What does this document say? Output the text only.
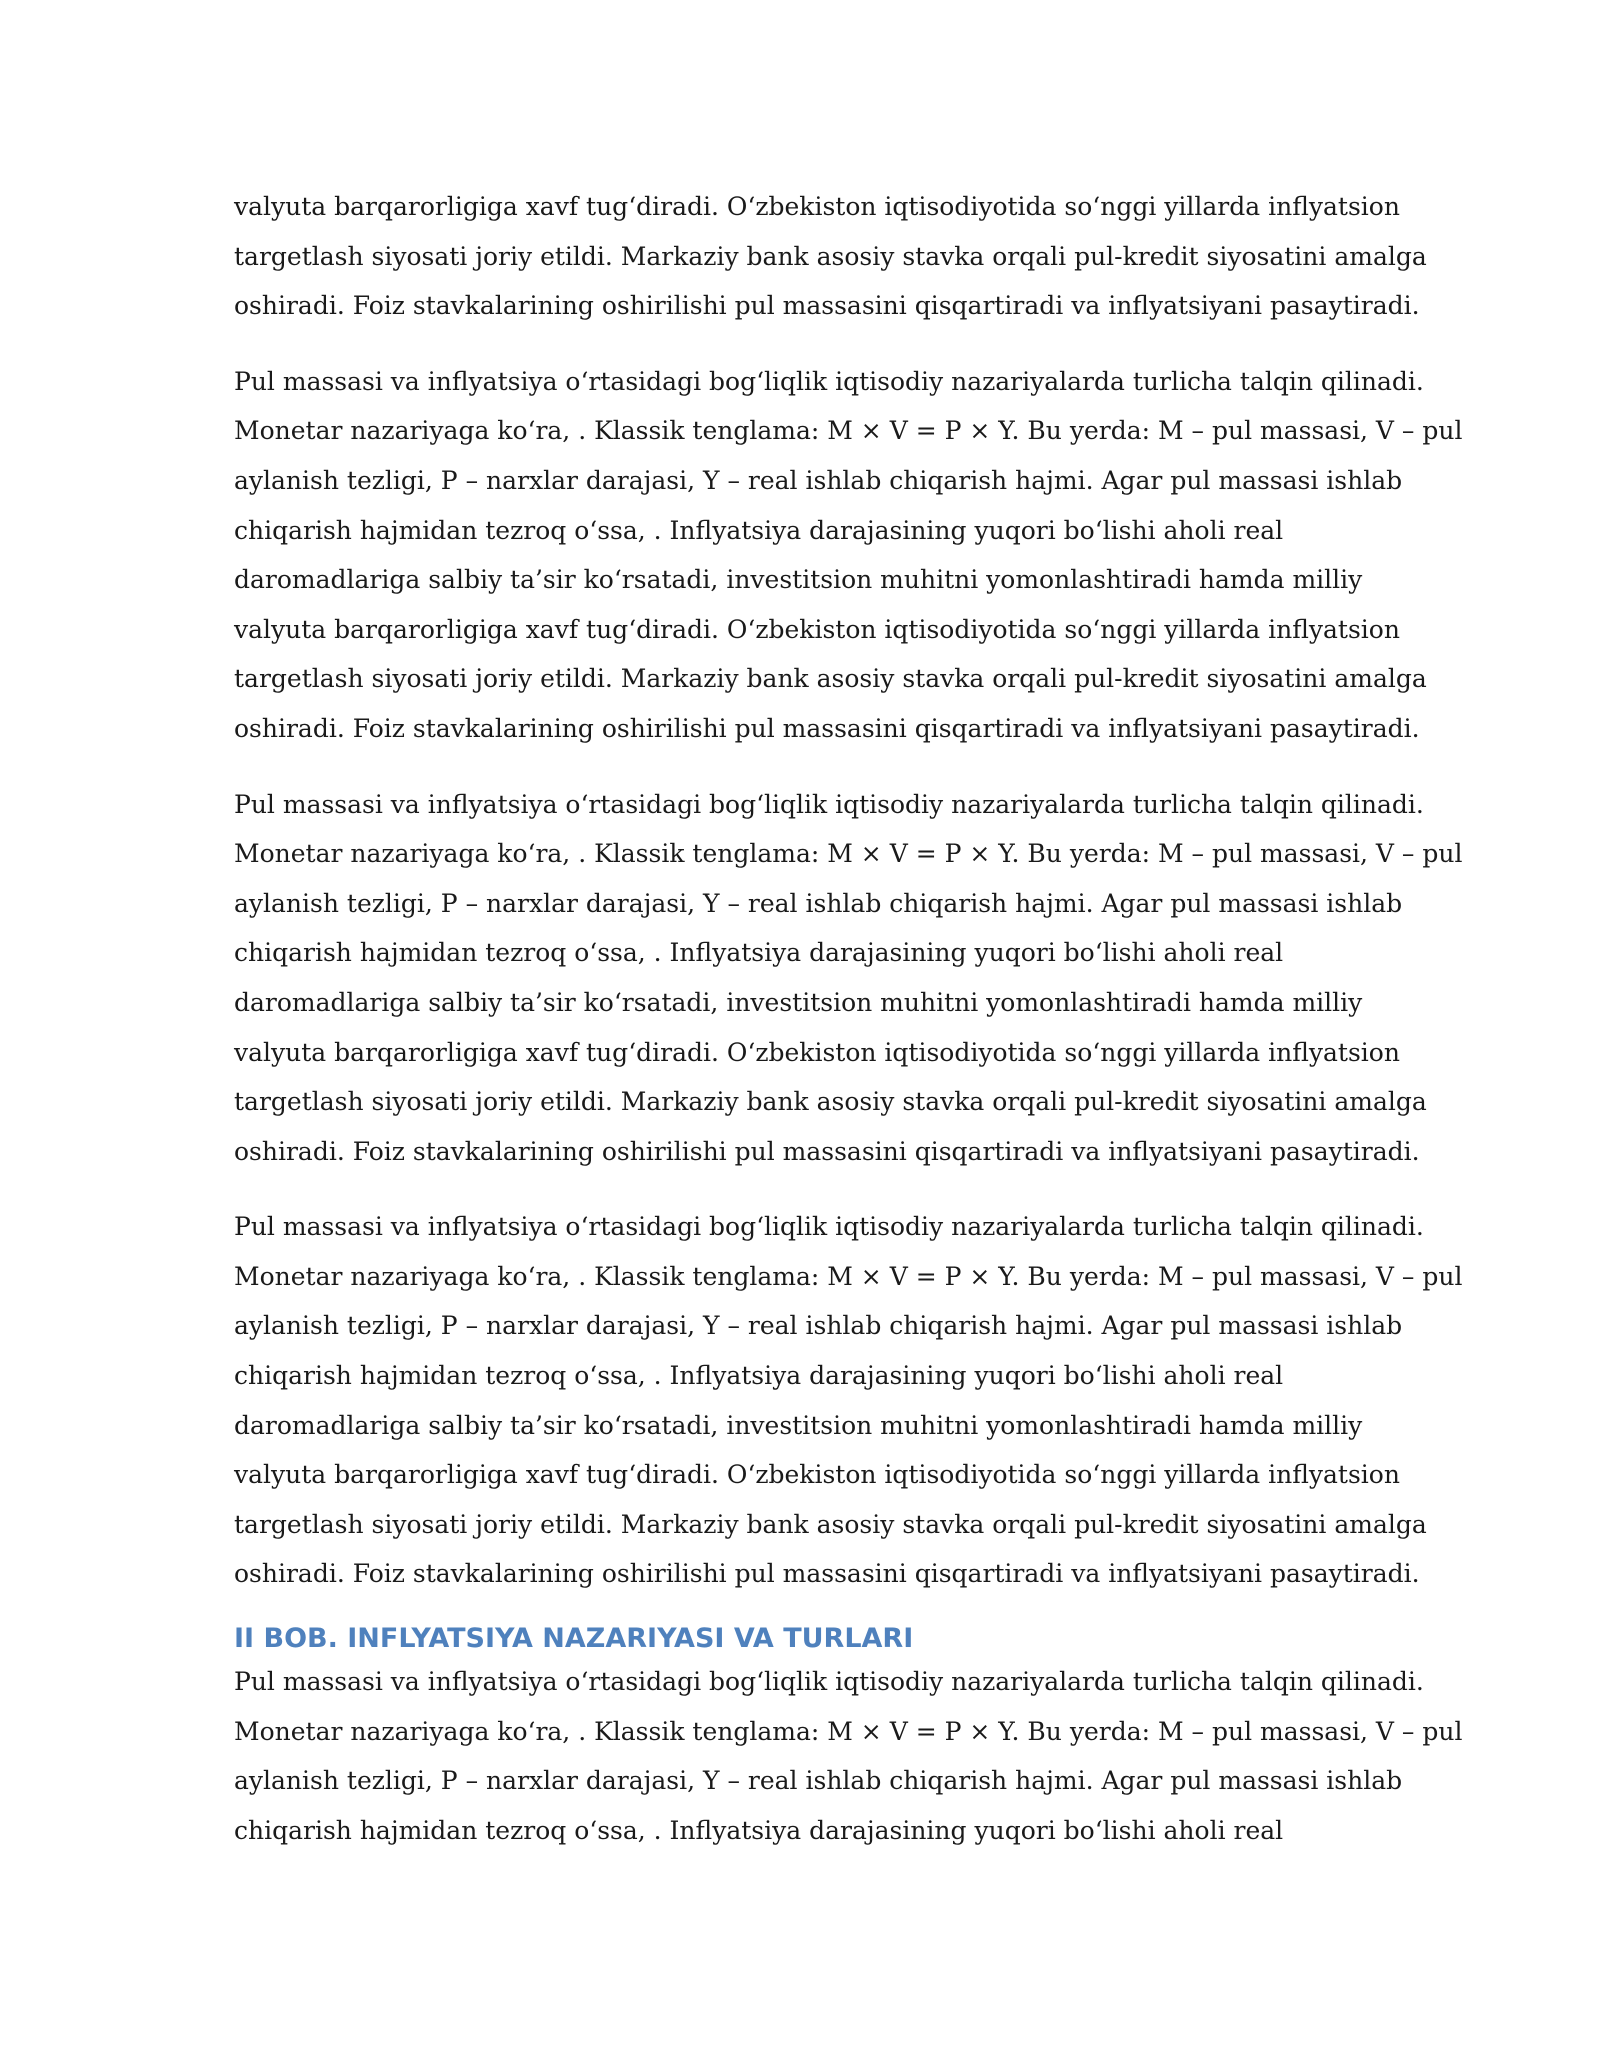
valyuta barqarorligiga xavf tug‘diradi. O‘zbekiston iqtisodiyotida so‘nggi yillarda inflyatsion
targetlash siyosati joriy etildi. Markaziy bank asosiy stavka orqali pul-kredit siyosatini amalga
oshiradi. Foiz stavkalarining oshirilishi pul massasini qisqartiradi va inflyatsiyani pasaytiradi.

Pul massasi va inflyatsiya o‘rtasidagi bog‘liqlik iqtisodiy nazariyalarda turlicha talqin qilinadi.
Monetar nazariyaga ko‘ra, . Klassik tenglama: M × V = P × Y. Bu yerda: M – pul massasi, V – pul
aylanish tezligi, P – narxlar darajasi, Y – real ishlab chiqarish hajmi. Agar pul massasi ishlab
chiqarish hajmidan tezroq o‘ssa, . Inflyatsiya darajasining yuqori bo‘lishi aholi real
daromadlariga salbiy ta’sir ko‘rsatadi, investitsion muhitni yomonlashtiradi hamda milliy
valyuta barqarorligiga xavf tug‘diradi. O‘zbekiston iqtisodiyotida so‘nggi yillarda inflyatsion
targetlash siyosati joriy etildi. Markaziy bank asosiy stavka orqali pul-kredit siyosatini amalga
oshiradi. Foiz stavkalarining oshirilishi pul massasini qisqartiradi va inflyatsiyani pasaytiradi.

Pul massasi va inflyatsiya o‘rtasidagi bog‘liqlik iqtisodiy nazariyalarda turlicha talqin qilinadi.
Monetar nazariyaga ko‘ra, . Klassik tenglama: M × V = P × Y. Bu yerda: M – pul massasi, V – pul
aylanish tezligi, P – narxlar darajasi, Y – real ishlab chiqarish hajmi. Agar pul massasi ishlab
chiqarish hajmidan tezroq o‘ssa, . Inflyatsiya darajasining yuqori bo‘lishi aholi real
daromadlariga salbiy ta’sir ko‘rsatadi, investitsion muhitni yomonlashtiradi hamda milliy
valyuta barqarorligiga xavf tug‘diradi. O‘zbekiston iqtisodiyotida so‘nggi yillarda inflyatsion
targetlash siyosati joriy etildi. Markaziy bank asosiy stavka orqali pul-kredit siyosatini amalga
oshiradi. Foiz stavkalarining oshirilishi pul massasini qisqartiradi va inflyatsiyani pasaytiradi.

Pul massasi va inflyatsiya o‘rtasidagi bog‘liqlik iqtisodiy nazariyalarda turlicha talqin qilinadi.
Monetar nazariyaga ko‘ra, . Klassik tenglama: M × V = P × Y. Bu yerda: M – pul massasi, V – pul
aylanish tezligi, P – narxlar darajasi, Y – real ishlab chiqarish hajmi. Agar pul massasi ishlab
chiqarish hajmidan tezroq o‘ssa, . Inflyatsiya darajasining yuqori bo‘lishi aholi real
daromadlariga salbiy ta’sir ko‘rsatadi, investitsion muhitni yomonlashtiradi hamda milliy
valyuta barqarorligiga xavf tug‘diradi. O‘zbekiston iqtisodiyotida so‘nggi yillarda inflyatsion
targetlash siyosati joriy etildi. Markaziy bank asosiy stavka orqali pul-kredit siyosatini amalga
oshiradi. Foiz stavkalarining oshirilishi pul massasini qisqartiradi va inflyatsiyani pasaytiradi.

II BOB. INFLYATSIYA NAZARIYASI VA TURLARI

Pul massasi va inflyatsiya o‘rtasidagi bog‘liqlik iqtisodiy nazariyalarda turlicha talqin qilinadi.
Monetar nazariyaga ko‘ra, . Klassik tenglama: M × V = P × Y. Bu yerda: M – pul massasi, V – pul
aylanish tezligi, P – narxlar darajasi, Y – real ishlab chiqarish hajmi. Agar pul massasi ishlab
chiqarish hajmidan tezroq o‘ssa, . Inflyatsiya darajasining yuqori bo‘lishi aholi real
